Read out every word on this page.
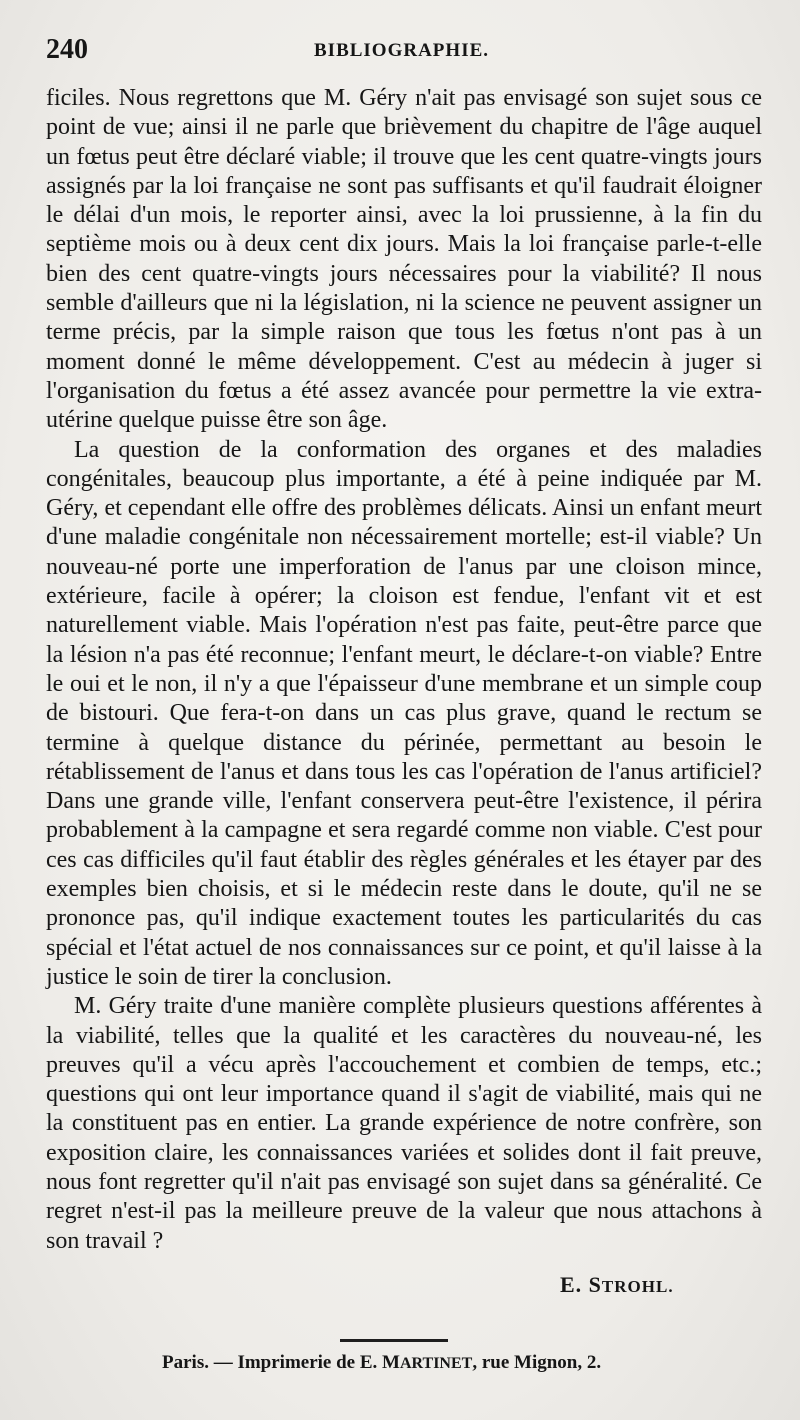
240	BIBLIOGRAPHIE.

ficiles. Nous regrettons que M. Géry n'ait pas envisagé son sujet sous ce point de vue; ainsi il ne parle que brièvement du chapitre de l'âge auquel un fœtus peut être déclaré viable; il trouve que les cent quatre-vingts jours assignés par la loi française ne sont pas suffisants et qu'il faudrait éloigner le délai d'un mois, le reporter ainsi, avec la loi prussienne, à la fin du septième mois ou à deux cent dix jours. Mais la loi française parle-t-elle bien des cent quatre-vingts jours nécessaires pour la viabilité? Il nous semble d'ailleurs que ni la législation, ni la science ne peuvent assigner un terme précis, par la simple raison que tous les fœtus n'ont pas à un moment donné le même développement. C'est au médecin à juger si l'organisation du fœtus a été assez avancée pour permettre la vie extra-utérine quelque puisse être son âge.

La question de la conformation des organes et des maladies congénitales, beaucoup plus importante, a été à peine indiquée par M. Géry, et cependant elle offre des problèmes délicats. Ainsi un enfant meurt d'une maladie congénitale non nécessairement mortelle; est-il viable? Un nouveau-né porte une imperforation de l'anus par une cloison mince, extérieure, facile à opérer; la cloison est fendue, l'enfant vit et est naturellement viable. Mais l'opération n'est pas faite, peut-être parce que la lésion n'a pas été reconnue; l'enfant meurt, le déclare-t-on viable? Entre le oui et le non, il n'y a que l'épaisseur d'une membrane et un simple coup de bistouri. Que fera-t-on dans un cas plus grave, quand le rectum se termine à quelque distance du périnée, permettant au besoin le rétablissement de l'anus et dans tous les cas l'opération de l'anus artificiel? Dans une grande ville, l'enfant conservera peut-être l'existence, il périra probablement à la campagne et sera regardé comme non viable. C'est pour ces cas difficiles qu'il faut établir des règles générales et les étayer par des exemples bien choisis, et si le médecin reste dans le doute, qu'il ne se prononce pas, qu'il indique exactement toutes les particularités du cas spécial et l'état actuel de nos connaissances sur ce point, et qu'il laisse à la justice le soin de tirer la conclusion.

M. Géry traite d'une manière complète plusieurs questions afférentes à la viabilité, telles que la qualité et les caractères du nouveau-né, les preuves qu'il a vécu après l'accouchement et combien de temps, etc.; questions qui ont leur importance quand il s'agit de viabilité, mais qui ne la constituent pas en entier. La grande expérience de notre confrère, son exposition claire, les connaissances variées et solides dont il fait preuve, nous font regretter qu'il n'ait pas envisagé son sujet dans sa généralité. Ce regret n'est-il pas la meilleure preuve de la valeur que nous attachons à son travail ?

E. STROHL.
Paris. — Imprimerie de E. MARTINET, rue Mignon, 2.
